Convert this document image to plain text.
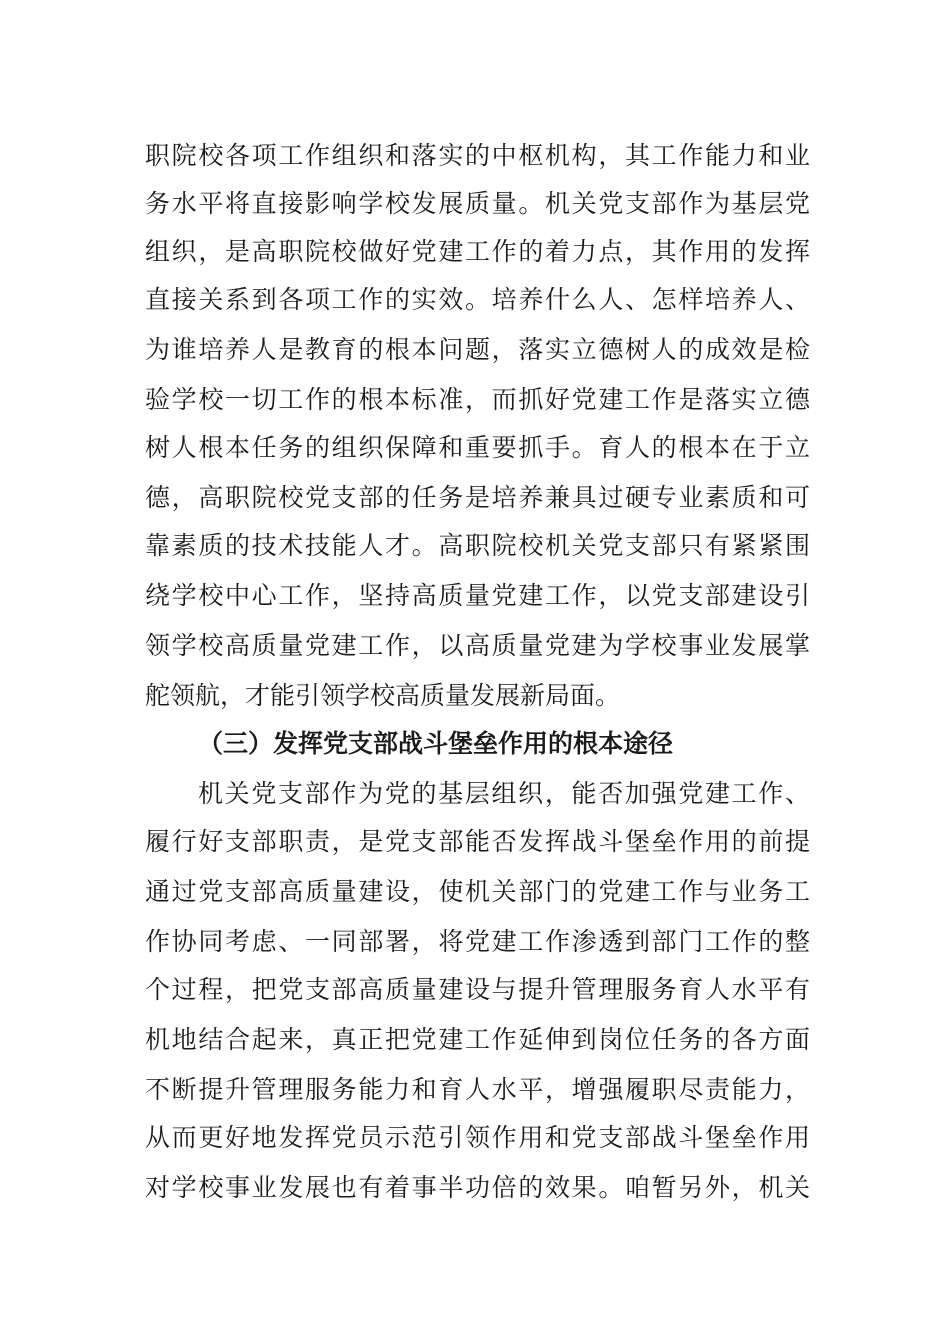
职院校各项工作组织和落实的中枢机构，其工作能力和业
务水平将直接影响学校发展质量。机关党支部作为基层党
组织，是高职院校做好党建工作的着力点，其作用的发挥
直接关系到各项工作的实效。培养什么人、怎样培养人、
为谁培养人是教育的根本问题，落实立德树人的成效是检
验学校一切工作的根本标准，而抓好党建工作是落实立德
树人根本任务的组织保障和重要抓手。育人的根本在于立
德，高职院校党支部的任务是培养兼具过硬专业素质和可
靠素质的技术技能人才。高职院校机关党支部只有紧紧围
绕学校中心工作，坚持高质量党建工作，以党支部建设引
领学校高质量党建工作，以高质量党建为学校事业发展掌
舵领航，才能引领学校高质量发展新局面。
（三）发挥党支部战斗堡垒作用的根本途径
机关党支部作为党的基层组织，能否加强党建工作、
履行好支部职责，是党支部能否发挥战斗堡垒作用的前提
通过党支部高质量建设，使机关部门的党建工作与业务工
作协同考虑、一同部署，将党建工作渗透到部门工作的整
个过程，把党支部高质量建设与提升管理服务育人水平有
机地结合起来，真正把党建工作延伸到岗位任务的各方面
不断提升管理服务能力和育人水平，增强履职尽责能力，
从而更好地发挥党员示范引领作用和党支部战斗堡垒作用
对学校事业发展也有着事半功倍的效果。咱暂另外，机关
